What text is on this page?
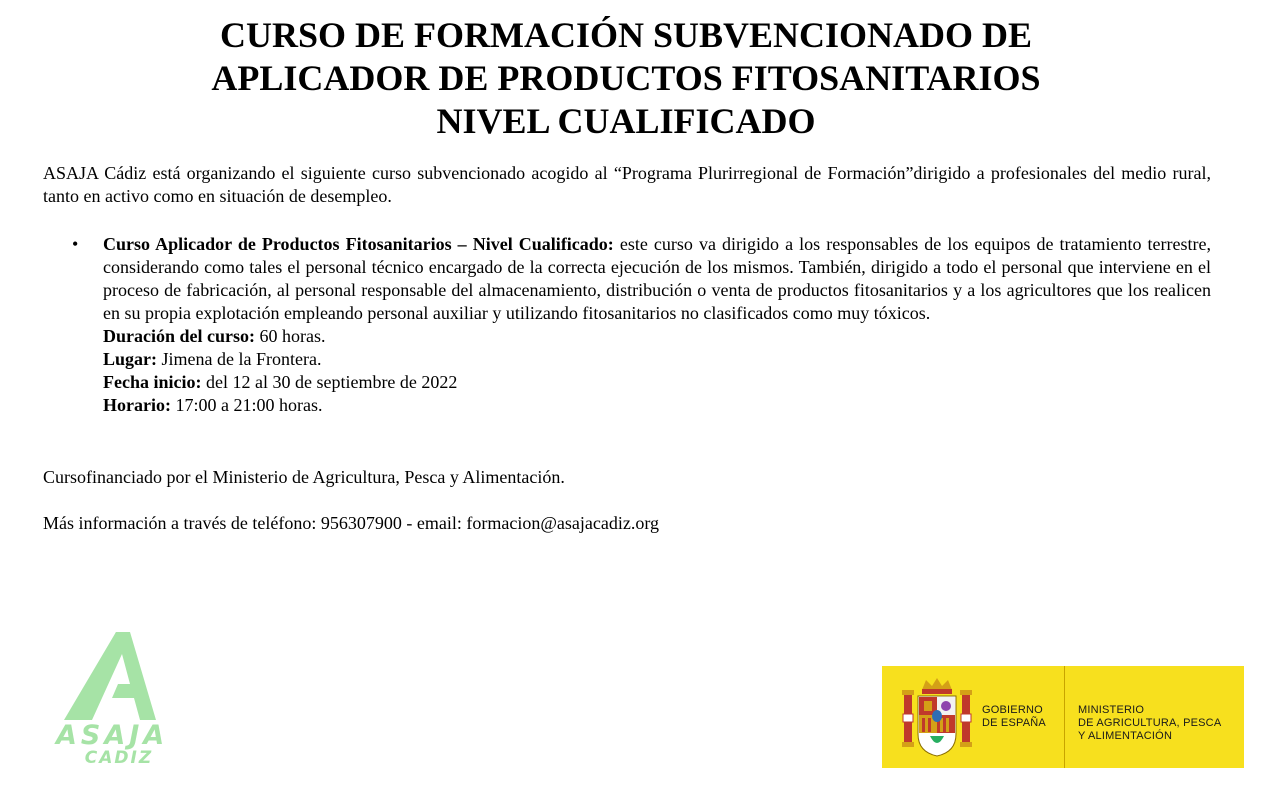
CURSO DE FORMACIÓN SUBVENCIONADO DE
APLICADOR DE PRODUCTOS FITOSANITARIOS
NIVEL CUALIFICADO
ASAJA Cádiz está organizando el siguiente curso subvencionado acogido al “Programa Plurirregional de Formación”dirigido a profesionales del medio rural, tanto en activo como en situación de desempleo.
• Curso Aplicador de Productos Fitosanitarios – Nivel Cualificado: este curso va dirigido a los responsables de los equipos de tratamiento terrestre, considerando como tales el personal técnico encargado de la correcta ejecución de los mismos. También, dirigido a todo el personal que interviene en el proceso de fabricación, al personal responsable del almacenamiento, distribución o venta de productos fitosanitarios y a los agricultores que los realicen en su propia explotación empleando personal auxiliar y utilizando fitosanitarios no clasificados como muy tóxicos.
Duración del curso: 60 horas.
Lugar: Jimena de la Frontera.
Fecha inicio: del 12 al 30 de septiembre de 2022
Horario: 17:00 a 21:00 horas.
Cursofinanciado por el Ministerio de Agricultura, Pesca y Alimentación.
Más información a través de teléfono: 956307900 - email: formacion@asajacadiz.org
ASAJA
CADIZ
GOBIERNO
DE ESPAÑA
MINISTERIO
DE AGRICULTURA, PESCA
Y ALIMENTACIÓN
